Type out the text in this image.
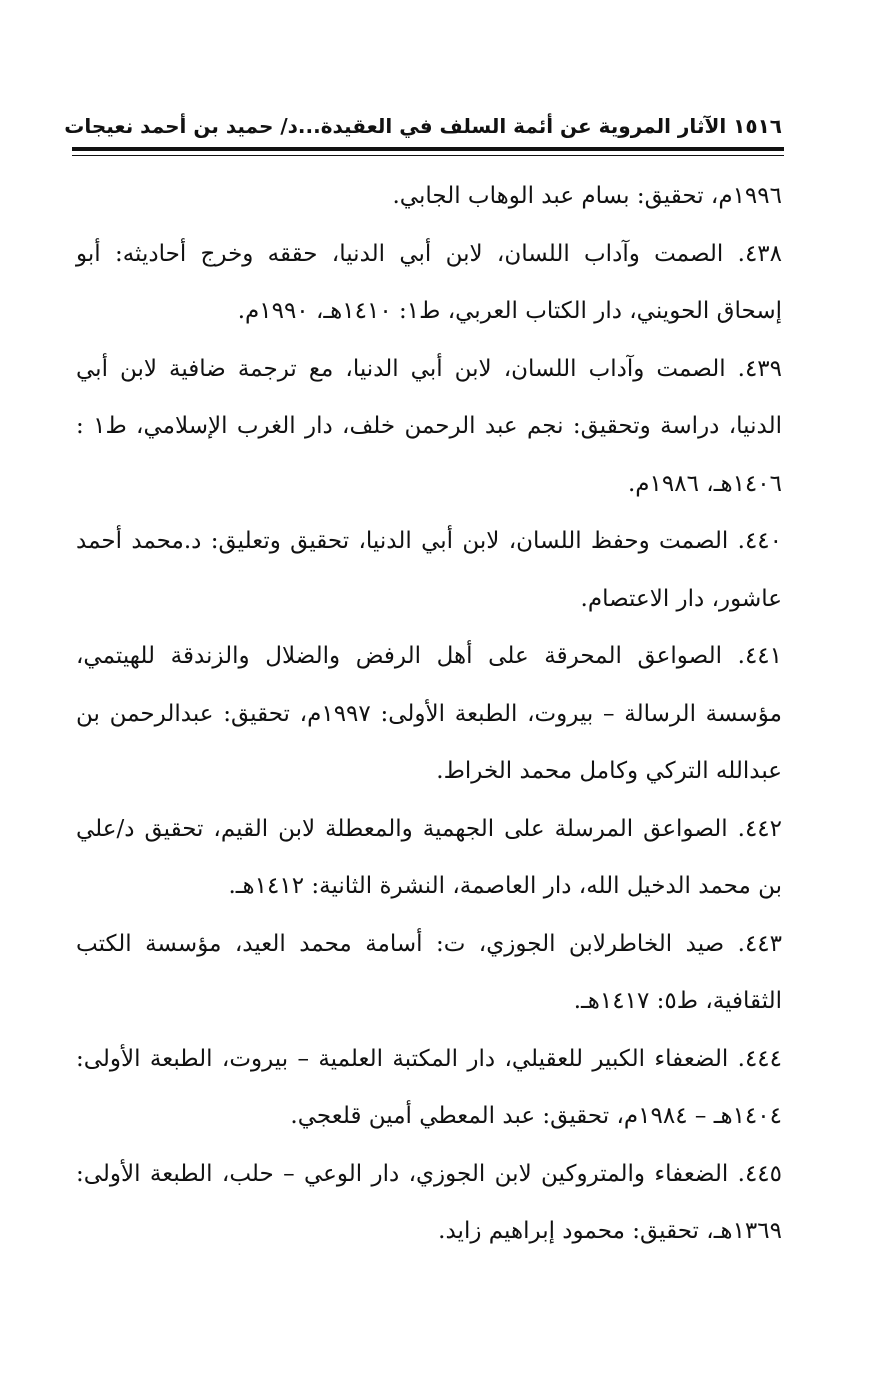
١٥١٦ الآثار المروية عن أئمة السلف في العقيدة...د/ حميد بن أحمد نعيجات

١٩٩٦م، تحقيق: بسام عبد الوهاب الجابي.

٤٣٨. الصمت وآداب اللسان، لابن أبي الدنيا، حققه وخرج أحاديثه: أبو إسحاق الحويني، دار الكتاب العربي، ط١: ١٤١٠هـ، ١٩٩٠م.

٤٣٩. الصمت وآداب اللسان، لابن أبي الدنيا، مع ترجمة ضافية لابن أبي الدنيا، دراسة وتحقيق: نجم عبد الرحمن خلف، دار الغرب الإسلامي، ط١ : ١٤٠٦هـ، ١٩٨٦م.

٤٤٠. الصمت وحفظ اللسان، لابن أبي الدنيا، تحقيق وتعليق: د.محمد أحمد عاشور، دار الاعتصام.

٤٤١. الصواعق المحرقة على أهل الرفض والضلال والزندقة للهيتمي، مؤسسة الرسالة – بيروت، الطبعة الأولى: ١٩٩٧م، تحقيق: عبدالرحمن بن عبدالله التركي وكامل محمد الخراط.

٤٤٢. الصواعق المرسلة على الجهمية والمعطلة لابن القيم، تحقيق د/علي بن محمد الدخيل الله، دار العاصمة، النشرة الثانية: ١٤١٢هـ.

٤٤٣. صيد الخاطرلابن الجوزي، ت: أسامة محمد العيد، مؤسسة الكتب الثقافية، ط٥: ١٤١٧هـ.

٤٤٤. الضعفاء الكبير للعقيلي، دار المكتبة العلمية – بيروت، الطبعة الأولى: ١٤٠٤هـ – ١٩٨٤م، تحقيق: عبد المعطي أمين قلعجي.

٤٤٥. الضعفاء والمتروكين لابن الجوزي، دار الوعي – حلب، الطبعة الأولى: ١٣٦٩هـ، تحقيق: محمود إبراهيم زايد.
